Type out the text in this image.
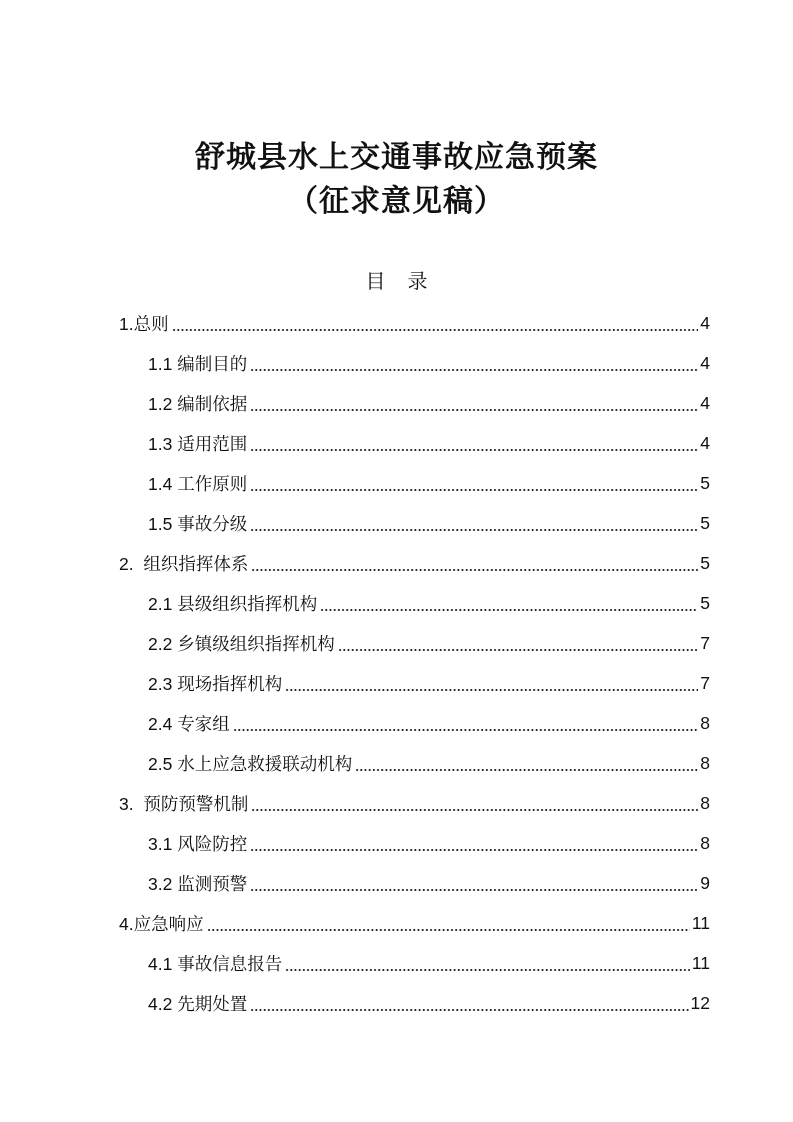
舒城县水上交通事故应急预案
（征求意见稿）
目录
1.总则	4
1.1 编制目的	4
1.2 编制依据	4
1.3 适用范围	4
1.4 工作原则	5
1.5 事故分级	5
2.  组织指挥体系	5
2.1 县级组织指挥机构	5
2.2 乡镇级组织指挥机构	7
2.3 现场指挥机构	7
2.4 专家组	8
2.5 水上应急救援联动机构	8
3.  预防预警机制	8
3.1 风险防控	8
3.2 监测预警	9
4.应急响应	11
4.1 事故信息报告	11
4.2 先期处置	12
